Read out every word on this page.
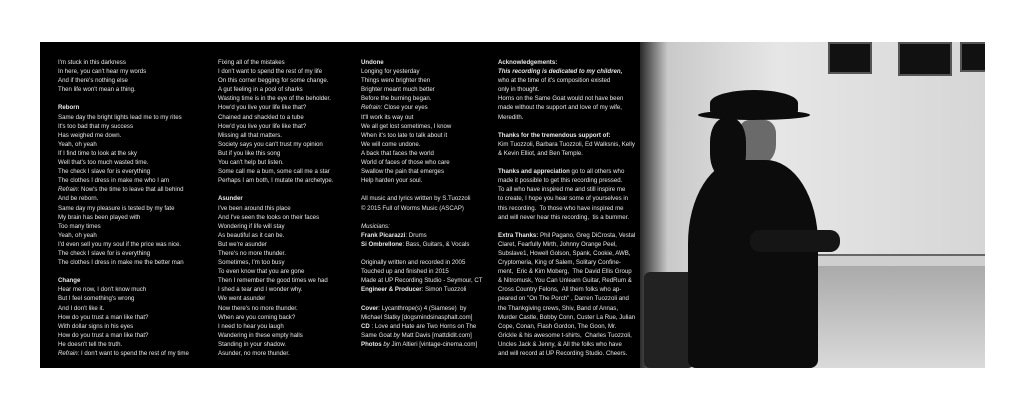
I'm stuck in this darkness

In here, you can't hear my words

And if there's nothing else

Then life won't mean a thing.

Reborn

Same day the bright lights lead me to my rites

It's too bad that my success

Has weighed me down.

Yeah, oh yeah

If I find time to look at the sky

Well that's too much wasted time.

The check I slave for is everything

The clothes I dress in make me who I am

Refrain: Now's the time to leave that all behind

And be reborn.

Same day my pleasure is tested by my fate

My brain has been played with

Too many times

Yeah, oh yeah

I'd even sell you my soul if the price was nice.

The check I slave for is everything

The clothes I dress in make me the better man

Change

Hear me now, I don't know much

But I feel something's wrong

And I don't like it.

How do you trust a man like that?

With dollar signs in his eyes

How do you trust a man like that?

He doesn't tell the truth.

Refrain: I don't want to spend the rest of my time

Fixing all of the mistakes

I don't want to spend the rest of my life

On this corner begging for some change.

A gut feeling in a pool of sharks

Wasting time is in the eye of the beholder.

How'd you live your life like that?

Chained and shackled to a tube

How'd you live your life like that?

Missing all that matters.

Society says you can't trust my opinion

But if you like this song

You can't help but listen.

Some call me a bum, some call me a star

Perhaps I am both, I mutate the archetype.

Asunder

I've been around this place

And I've seen the looks on their faces

Wondering if life will stay

As beautiful as it can be.

But we're asunder

There's no more thunder.

Sometimes, I'm too busy

To even know that you are gone

Then I remember the good times we had

I shed a tear and I wonder why.

We went asunder

Now there's no more thunder.

When are you coming back?

I need to hear you laugh

Wandering in these empty halls

Standing in your shadow.

Asunder, no more thunder.

Undone

Longing for yesterday

Things were brighter then

Brighter meant much better

Before the burning began.

Refrain: Close your eyes

It'll work its way out

We all get lost sometimes, I know

When it's too late to talk about it

We will come undone.

A back that faces the world

World of faces of those who care

Swallow the pain that emerges

Help harden your soul.

All music and lyrics written by S.Tuozzoli

© 2015 Full of Worms Music (ASCAP)

Musicians:

Frank Picarazzi: Drums

Si Ombrellone: Bass, Guitars, & Vocals

Originally written and recorded in 2005

Touched up and finished in 2015

Made at UP Recording Studio - Seymour, CT

Engineer & Producer: Simon Tuozzoli

Cover: Lycanthrope(s) 4 (Siamese)  by

Michael Slatky [dogsmindsinasphalt.com]

CD : Love and Hate are Two Horns on The

Same Goat by Matt Davis [mattdidit.com]

Photos by Jim Altieri [vintage-cinema.com]

Acknowledgements:

This recording is dedicated to my children,

who at the time of it's composition existed

only in thought.

Horns on the Same Goat would not have been

made without the support and love of my wife,

Meredith.

Thanks for the tremendous support of:

Kim Tuozzoli, Barbara Tuozzoli, Ed Walksnis, Kelly

& Kevin Elliot, and Ben Temple.

Thanks and appreciation go to all others who

made it possible to get this recording pressed.

To all who have inspired me and still inspire me

to create, I hope you hear some of yourselves in

this recording.  To those who have inspired me

and will never hear this recording,  tis a bummer.

Extra Thanks: Phil Pagano, Greg DiCrosta, Vestal

Claret, Fearfully Mirth, Johnny Orange Peel,

Subslave1, Howell Golson, Spank, Cookie, AWB,

Cryptomeria, King of Salem, Solitary Confine-

ment,  Eric & Kim Moberg,  The David Ellis Group

& Nitromusk, You Can Unlearn Guitar, RedRum &

Cross Country Felons,  All them folks who ap-

peared on "On The Porch" , Darren Tuozzoli and

the Thankgiving crews, Shiv, Band of Annas,

Murder Castle, Bobby Conn, Custer La Rue, Julian

Cope, Conan, Flash Gordon, The Goon, Mr.

Grickle & his awesome t-shirts,  Charles Tuozzoli,

Uncles Jack & Jenny, & All the folks who have

and will record at UP Recording Studio. Cheers.
